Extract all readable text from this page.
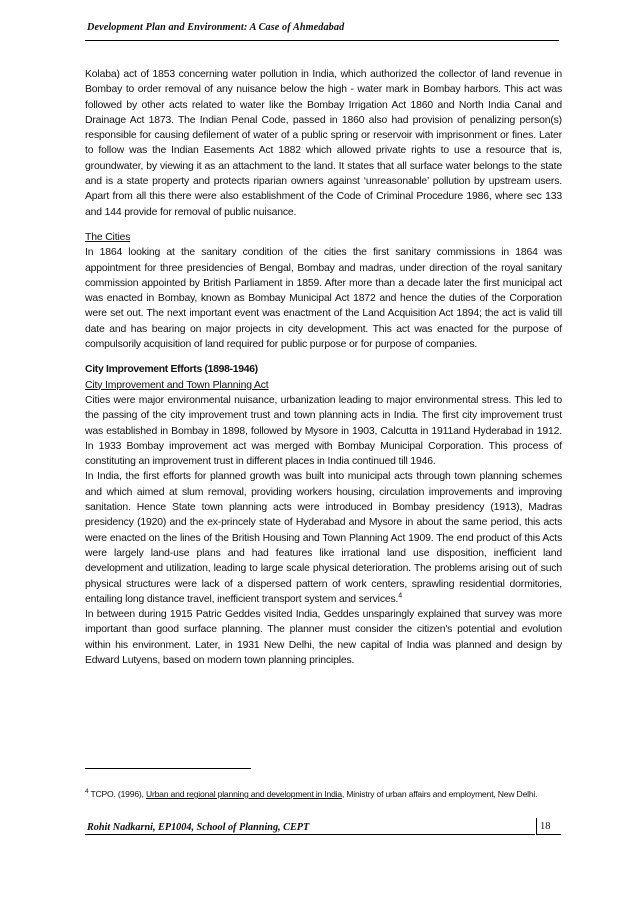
Development Plan and Environment: A Case of Ahmedabad

Kolaba) act of 1853 concerning water pollution in India, which authorized the collector of land revenue in Bombay to order removal of any nuisance below the high - water mark in Bombay harbors. This act was followed by other acts related to water like the Bombay Irrigation Act 1860 and North India Canal and Drainage Act 1873. The Indian Penal Code, passed in 1860 also had provision of penalizing person(s) responsible for causing defilement of water of a public spring or reservoir with imprisonment or fines. Later to follow was the Indian Easements Act 1882 which allowed private rights to use a resource that is, groundwater, by viewing it as an attachment to the land. It states that all surface water belongs to the state and is a state property and protects riparian owners against ‘unreasonable’ pollution by upstream users. Apart from all this there were also establishment of the Code of Criminal Procedure 1986, where sec 133 and 144 provide for removal of public nuisance.

The Cities

In 1864 looking at the sanitary condition of the cities the first sanitary commissions in 1864 was appointment for three presidencies of Bengal, Bombay and madras, under direction of the royal sanitary commission appointed by British Parliament in 1859. After more than a decade later the first municipal act was enacted in Bombay, known as Bombay Municipal Act 1872 and hence the duties of the Corporation were set out. The next important event was enactment of the Land Acquisition Act 1894; the act is valid till date and has bearing on major projects in city development. This act was enacted for the purpose of compulsorily acquisition of land required for public purpose or for purpose of companies.

City Improvement Efforts (1898-1946)

City Improvement and Town Planning Act

Cities were major environmental nuisance, urbanization leading to major environmental stress. This led to the passing of the city improvement trust and town planning acts in India. The first city improvement trust was established in Bombay in 1898, followed by Mysore in 1903, Calcutta in 1911and Hyderabad in 1912. In 1933 Bombay improvement act was merged with Bombay Municipal Corporation. This process of constituting an improvement trust in different places in India continued till 1946.

In India, the first efforts for planned growth was built into municipal acts through town planning schemes and which aimed at slum removal, providing workers housing, circulation improvements and improving sanitation. Hence State town planning acts were introduced in Bombay presidency (1913), Madras presidency (1920) and the ex-princely state of Hyderabad and Mysore in about the same period, this acts were enacted on the lines of the British Housing and Town Planning Act 1909. The end product of this Acts were largely land-use plans and had features like irrational land use disposition, inefficient land development and utilization, leading to large scale physical deterioration. The problems arising out of such physical structures were lack of a dispersed pattern of work centers, sprawling residential dormitories, entailing long distance travel, inefficient transport system and services.$^4$

In between during 1915 Patric Geddes visited India, Geddes unsparingly explained that survey was more important than good surface planning. The planner must consider the citizen's potential and evolution within his environment. Later, in 1931 New Delhi, the new capital of India was planned and design by Edward Lutyens, based on modern town planning principles.

$^4$ TCPO. (1996), Urban and regional planning and development in India, Ministry of urban affairs and employment, New Delhi.
Rohit Nadkarni, EP1004, School of Planning, CEPT	18
